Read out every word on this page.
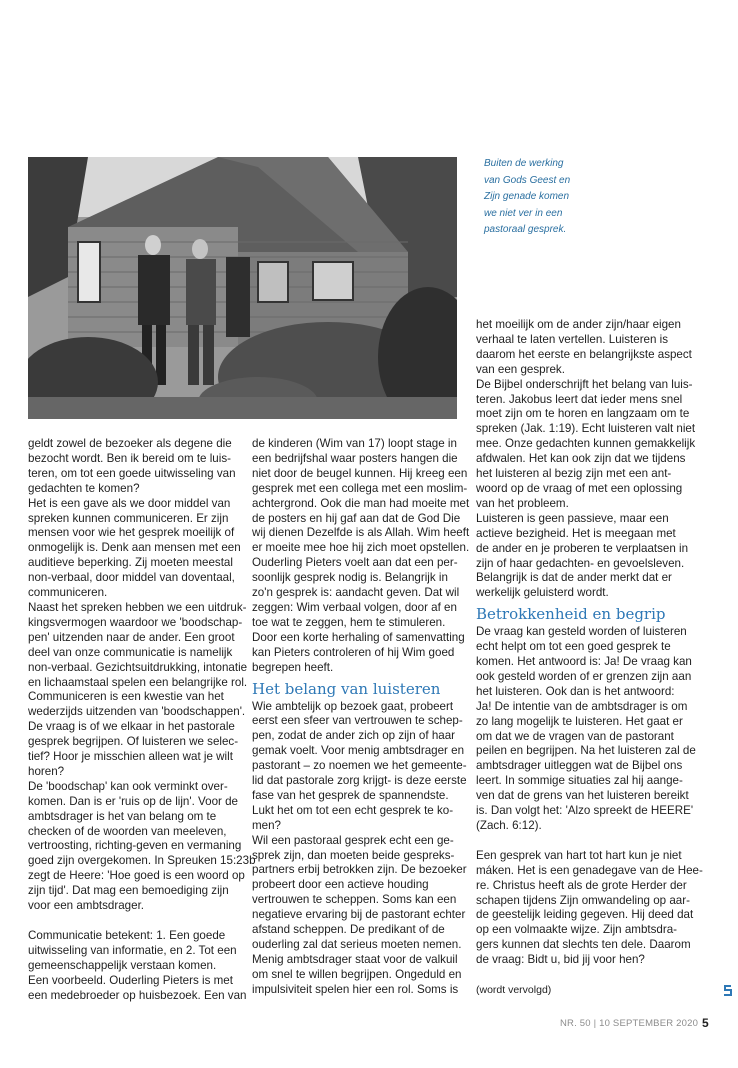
Buiten de werking
van Gods Geest en
Zijn genade komen
we niet ver in een
pastoraal gesprek.
geldt zowel de bezoeker als degene die
bezocht wordt. Ben ik bereid om te luis-
teren, om tot een goede uitwisseling van
gedachten te komen?
Het is een gave als we door middel van
spreken kunnen communiceren. Er zijn
mensen voor wie het gesprek moeilijk of
onmogelijk is. Denk aan mensen met een
auditieve beperking. Zij moeten meestal
non-verbaal, door middel van doventaal,
communiceren.
Naast het spreken hebben we een uitdruk-
kingsvermogen waardoor we 'boodschap-
pen' uitzenden naar de ander. Een groot
deel van onze communicatie is namelijk
non-verbaal. Gezichtsuitdrukking, intonatie
en lichaamstaal spelen een belangrijke rol.
Communiceren is een kwestie van het
wederzijds uitzenden van 'boodschappen'.
De vraag is of we elkaar in het pastorale
gesprek begrijpen. Of luisteren we selec-
tief? Hoor je misschien alleen wat je wilt
horen?
De 'boodschap' kan ook verminkt over-
komen. Dan is er 'ruis op de lijn'. Voor de
ambtsdrager is het van belang om te
checken of de woorden van meeleven,
vertroosting, richting-geven en vermaning
goed zijn overgekomen. In Spreuken 15:23b
zegt de Heere: 'Hoe goed is een woord op
zijn tijd'. Dat mag een bemoediging zijn
voor een ambtsdrager.
Communicatie betekent: 1. Een goede
uitwisseling van informatie, en 2. Tot een
gemeenschappelijk verstaan komen.
Een voorbeeld. Ouderling Pieters is met
een medebroeder op huisbezoek. Een van
de kinderen (Wim van 17) loopt stage in
een bedrijfshal waar posters hangen die
niet door de beugel kunnen. Hij kreeg een
gesprek met een collega met een moslim-
achtergrond. Ook die man had moeite met
de posters en hij gaf aan dat de God Die
wij dienen Dezelfde is als Allah. Wim heeft
er moeite mee hoe hij zich moet opstellen.
Ouderling Pieters voelt aan dat een per-
soonlijk gesprek nodig is. Belangrijk in
zo'n gesprek is: aandacht geven. Dat wil
zeggen: Wim verbaal volgen, door af en
toe wat te zeggen, hem te stimuleren.
Door een korte herhaling of samenvatting
kan Pieters controleren of hij Wim goed
begrepen heeft.
Het belang van luisteren
Wie ambtelijk op bezoek gaat, probeert
eerst een sfeer van vertrouwen te schep-
pen, zodat de ander zich op zijn of haar
gemak voelt. Voor menig ambtsdrager en
pastorant – zo noemen we het gemeente-
lid dat pastorale zorg krijgt- is deze eerste
fase van het gesprek de spannendste.
Lukt het om tot een echt gesprek te ko-
men?
Wil een pastoraal gesprek echt een ge-
sprek zijn, dan moeten beide gespreks-
partners erbij betrokken zijn. De bezoeker
probeert door een actieve houding
vertrouwen te scheppen. Soms kan een
negatieve ervaring bij de pastorant echter
afstand scheppen. De predikant of de
ouderling zal dat serieus moeten nemen.
Menig ambtsdrager staat voor de valkuil
om snel te willen begrijpen. Ongeduld en
impulsiviteit spelen hier een rol. Soms is
het moeilijk om de ander zijn/haar eigen
verhaal te laten vertellen. Luisteren is
daarom het eerste en belangrijkste aspect
van een gesprek.
De Bijbel onderschrijft het belang van luis-
teren. Jakobus leert dat ieder mens snel
moet zijn om te horen en langzaam om te
spreken (Jak. 1:19). Echt luisteren valt niet
mee. Onze gedachten kunnen gemakkelijk
afdwalen. Het kan ook zijn dat we tijdens
het luisteren al bezig zijn met een ant-
woord op de vraag of met een oplossing
van het probleem.
Luisteren is geen passieve, maar een
actieve bezigheid. Het is meegaan met
de ander en je proberen te verplaatsen in
zijn of haar gedachten- en gevoelsleven.
Belangrijk is dat de ander merkt dat er
werkelijk geluisterd wordt.
Betrokkenheid en begrip
De vraag kan gesteld worden of luisteren
echt helpt om tot een goed gesprek te
komen. Het antwoord is: Ja! De vraag kan
ook gesteld worden of er grenzen zijn aan
het luisteren. Ook dan is het antwoord:
Ja! De intentie van de ambtsdrager is om
zo lang mogelijk te luisteren. Het gaat er
om dat we de vragen van de pastorant
peilen en begrijpen. Na het luisteren zal de
ambtsdrager uitleggen wat de Bijbel ons
leert. In sommige situaties zal hij aange-
ven dat de grens van het luisteren bereikt
is. Dan volgt het: 'Alzo spreekt de HEERE'
(Zach. 6:12).
Een gesprek van hart tot hart kun je niet
máken. Het is een genadegave van de Hee-
re. Christus heeft als de grote Herder der
schapen tijdens Zijn omwandeling op aar-
de geestelijk leiding gegeven. Hij deed dat
op een volmaakte wijze. Zijn ambtsdra-
gers kunnen dat slechts ten dele. Daarom
de vraag: Bidt u, bid jij voor hen?
(wordt vervolgd)
NR. 50 | 10 SEPTEMBER 2020 5
